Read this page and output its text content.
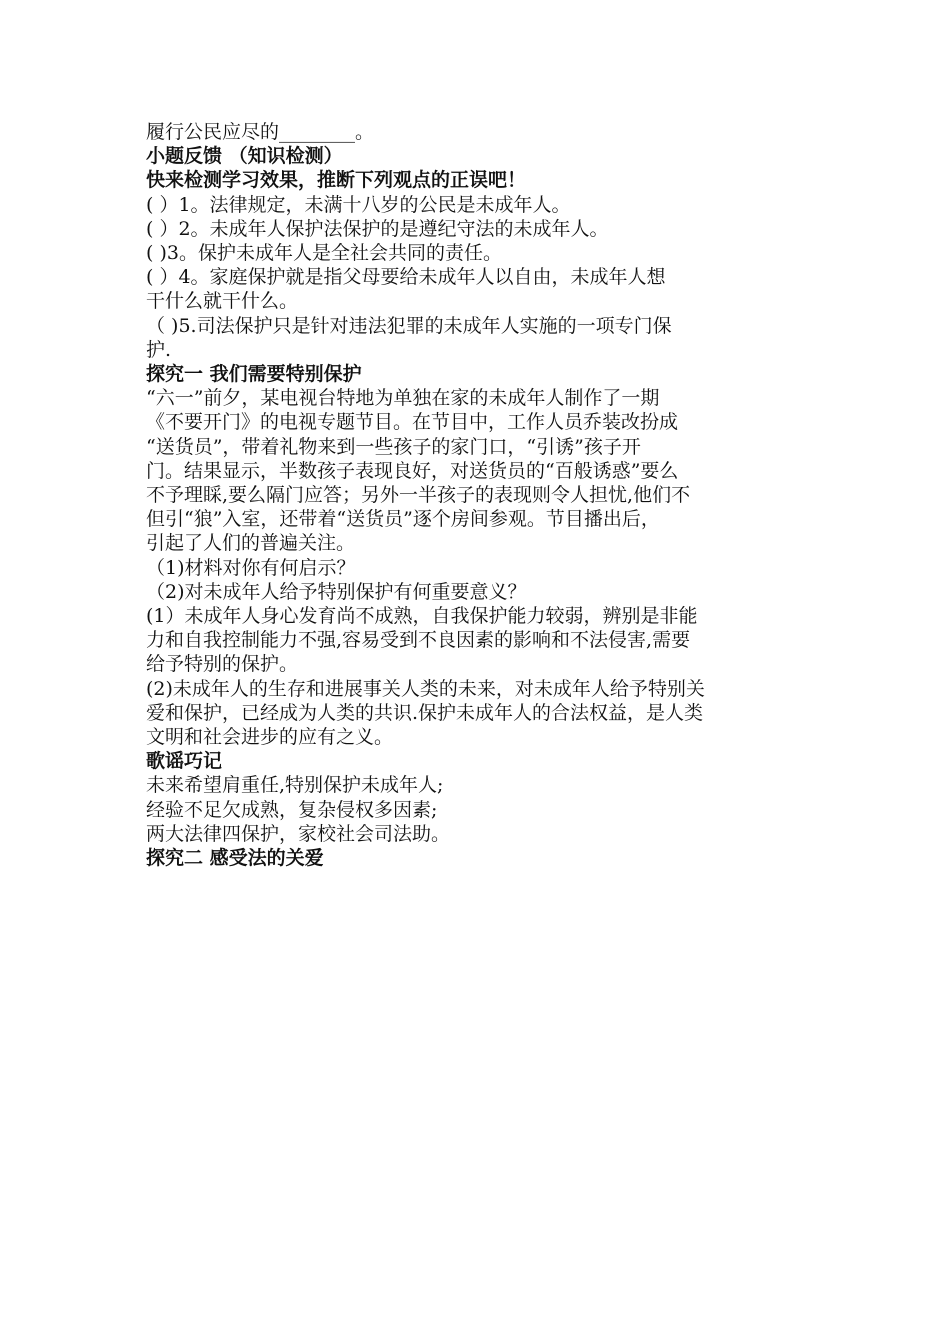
履行公民应尽的________。
小题反馈 （知识检测）
快来检测学习效果，推断下列观点的正误吧！
( ）1。法律规定，未满十八岁的公民是未成年人。
( ）2。未成年人保护法保护的是遵纪守法的未成年人。
( )3。保护未成年人是全社会共同的责任。
( ）4。家庭保护就是指父母要给未成年人以自由，未成年人想
干什么就干什么。
（ )5.司法保护只是针对违法犯罪的未成年人实施的一项专门保
护.
探究一 我们需要特别保护
“六一”前夕，某电视台特地为单独在家的未成年人制作了一期
《不要开门》的电视专题节目。在节目中，工作人员乔装改扮成
“送货员”，带着礼物来到一些孩子的家门口，“引诱”孩子开
门。结果显示，半数孩子表现良好，对送货员的“百般诱惑”要么
不予理睬,要么隔门应答；另外一半孩子的表现则令人担忧,他们不
但引“狼”入室，还带着“送货员”逐个房间参观。节目播出后，
引起了人们的普遍关注。
（1)材料对你有何启示？
（2)对未成年人给予特别保护有何重要意义？
(1）未成年人身心发育尚不成熟，自我保护能力较弱，辨别是非能
力和自我控制能力不强,容易受到不良因素的影响和不法侵害,需要
给予特别的保护。
(2)未成年人的生存和进展事关人类的未来，对未成年人给予特别关
爱和保护，已经成为人类的共识.保护未成年人的合法权益，是人类
文明和社会进步的应有之义。
歌谣巧记
未来希望肩重任,特别保护未成年人;
经验不足欠成熟，复杂侵权多因素;
两大法律四保护，家校社会司法助。
探究二 感受法的关爱
